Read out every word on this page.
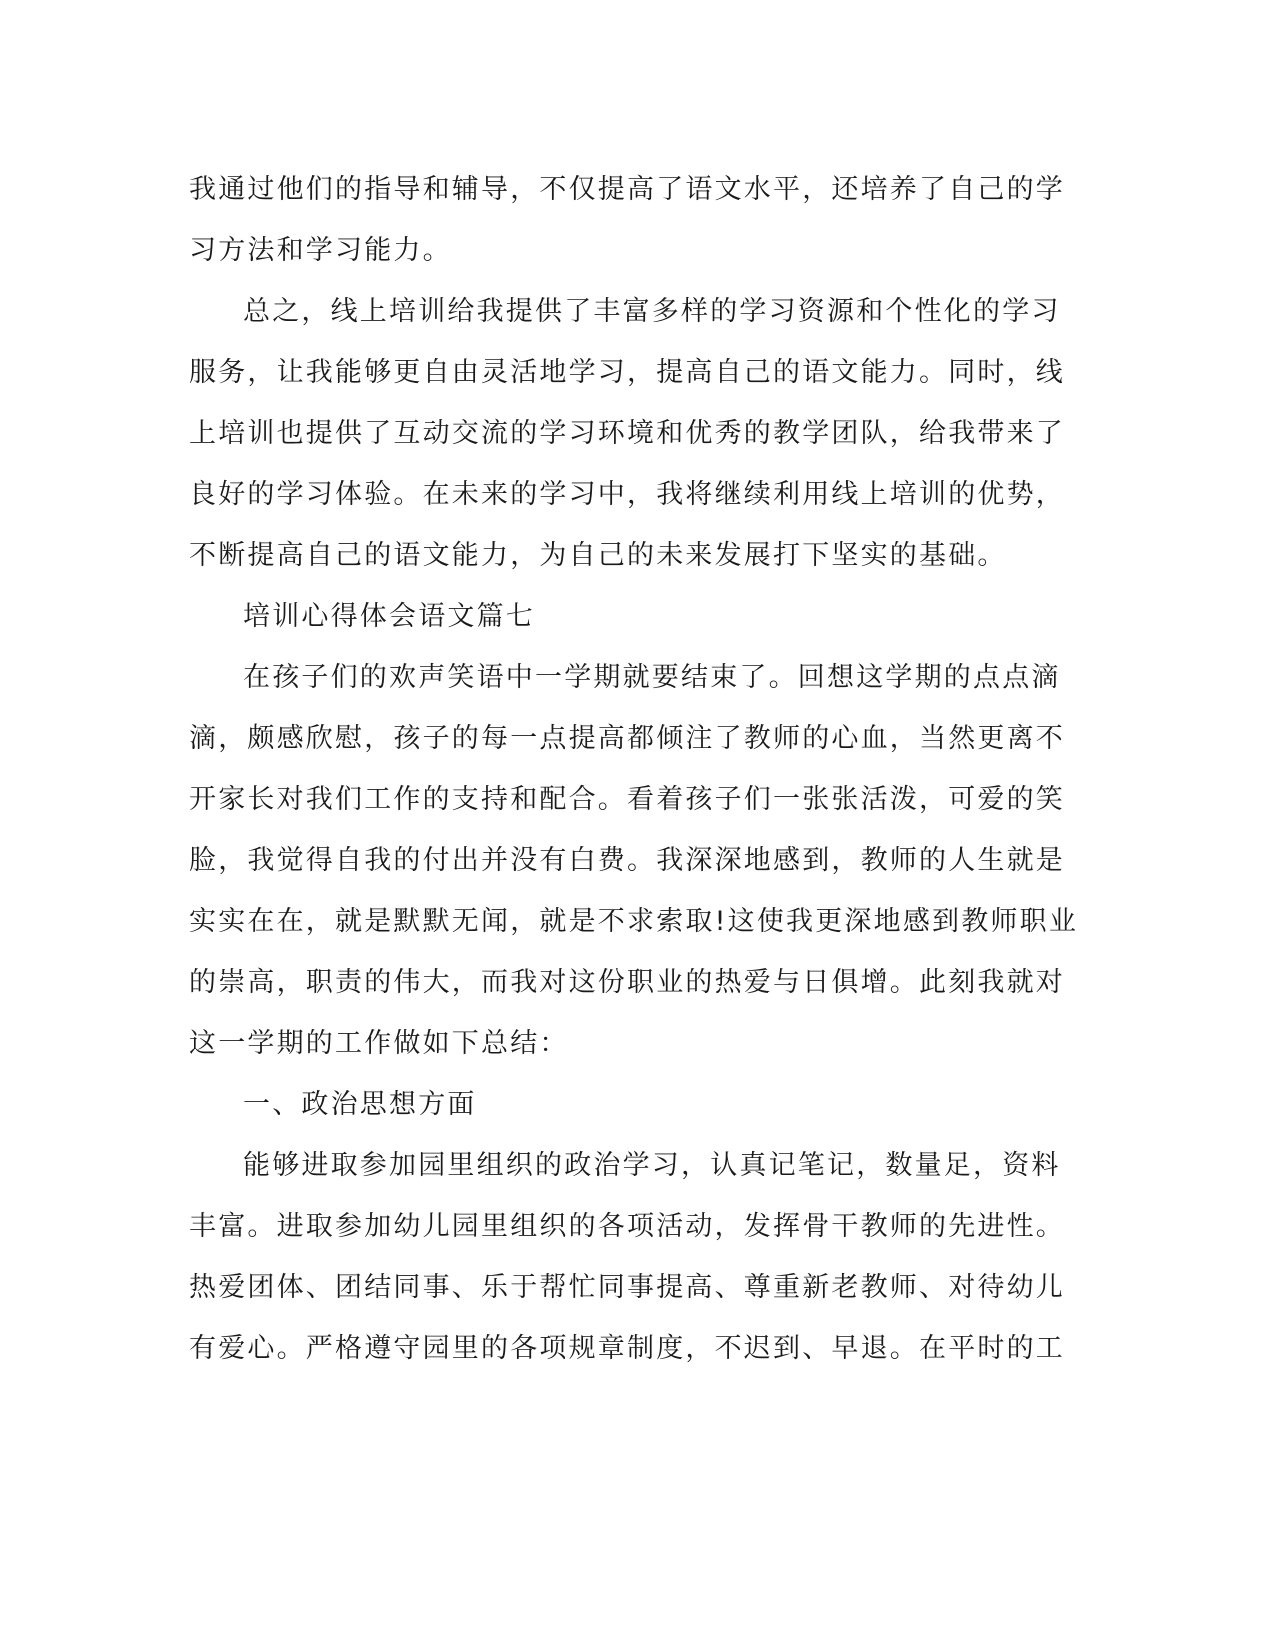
我通过他们的指导和辅导，不仅提高了语文水平，还培养了自己的学
习方法和学习能力。

总之，线上培训给我提供了丰富多样的学习资源和个性化的学习
服务，让我能够更自由灵活地学习，提高自己的语文能力。同时，线
上培训也提供了互动交流的学习环境和优秀的教学团队，给我带来了
良好的学习体验。在未来的学习中，我将继续利用线上培训的优势，
不断提高自己的语文能力，为自己的未来发展打下坚实的基础。

培训心得体会语文篇七

在孩子们的欢声笑语中一学期就要结束了。回想这学期的点点滴
滴，颇感欣慰，孩子的每一点提高都倾注了教师的心血，当然更离不
开家长对我们工作的支持和配合。看着孩子们一张张活泼，可爱的笑
脸，我觉得自我的付出并没有白费。我深深地感到，教师的人生就是
实实在在，就是默默无闻，就是不求索取!这使我更深地感到教师职业
的崇高，职责的伟大，而我对这份职业的热爱与日俱增。此刻我就对
这一学期的工作做如下总结：

一、政治思想方面

能够进取参加园里组织的政治学习，认真记笔记，数量足，资料
丰富。进取参加幼儿园里组织的各项活动，发挥骨干教师的先进性。
热爱团体、团结同事、乐于帮忙同事提高、尊重新老教师、对待幼儿
有爱心。严格遵守园里的各项规章制度，不迟到、早退。在平时的工
